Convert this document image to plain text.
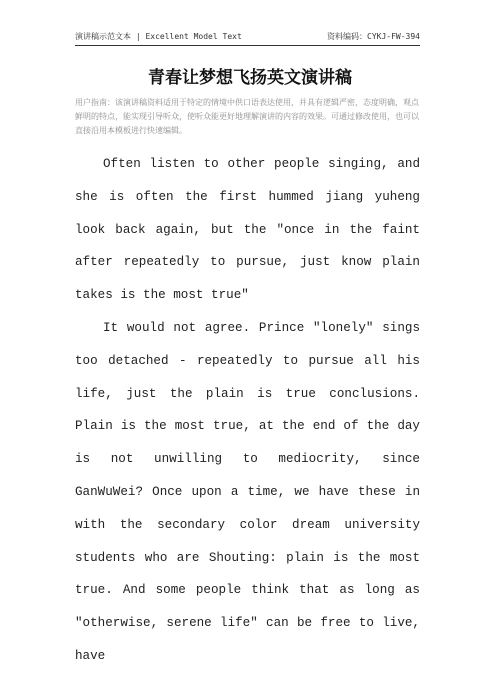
演讲稿示范文本 | Excellent Model Text	资料编码：CYKJ-FW-394
青春让梦想飞扬英文演讲稿
用户指南：该演讲稿资料适用于特定的情境中供口语表达使用，并具有逻辑严密，态度明确，观点鲜明的特点，能实现引导听众，使听众能更好地理解演讲的内容的效果。可通过修改使用，也可以直接沿用本模板进行快速编辑。

Often listen to other people singing, and she is often the first hummed jiang yuheng look back again, but the "once in the faint after repeatedly to pursue, just know plain takes is the most true"

It would not agree. Prince "lonely" sings too detached - repeatedly to pursue all his life, just the plain is true conclusions. Plain is the most true, at the end of the day is not unwilling to mediocrity, since GanWuWei? Once upon a time, we have these in with the secondary color dream university students who are Shouting: plain is the most true. And some people think that as long as "otherwise, serene life" can be free to live, have
